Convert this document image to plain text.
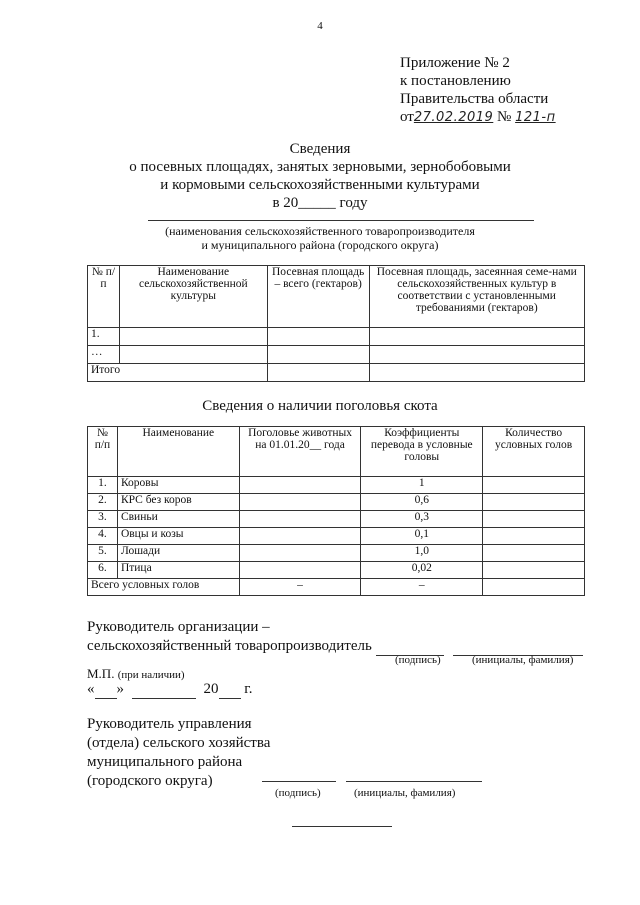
4
Приложение № 2
к постановлению
Правительства области
от27.02.2019 № 121-п
Сведения
о посевных площадях, занятых зерновыми, зернобобовыми
и кормовыми сельскохозяйственными культурами
в 20_____ году
(наименования сельскохозяйственного товаропроизводителя
и муниципального района (городского округа)
№ п/п	Наименование сельскохозяйственной культуры	Посевная площадь – всего (гектаров)	Посевная площадь, засеянная семе-нами сельскохозяйственных культур в соответствии с установленными требованиями (гектаров)
1.			
…			
Итого			
Сведения о наличии поголовья скота
№ п/п	Наименование	Поголовье животных на 01.01.20__ года	Коэффициенты перевода в условные головы	Количество условных голов
1.	Коровы		1	
2.	КРС без коров		0,6	
3.	Свиньи		0,3	
4.	Овцы и козы		0,1	
5.	Лошади		1,0	
6.	Птица		0,02	
Всего условных голов		–	–	
Руководитель организации –
сельскохозяйственный товаропроизводитель
(подпись)	(инициалы, фамилия)
М.П. (при наличии)
« »	20 г.
Руководитель управления
(отдела) сельского хозяйства
муниципального района
(городского округа)
(подпись)	(инициалы, фамилия)
